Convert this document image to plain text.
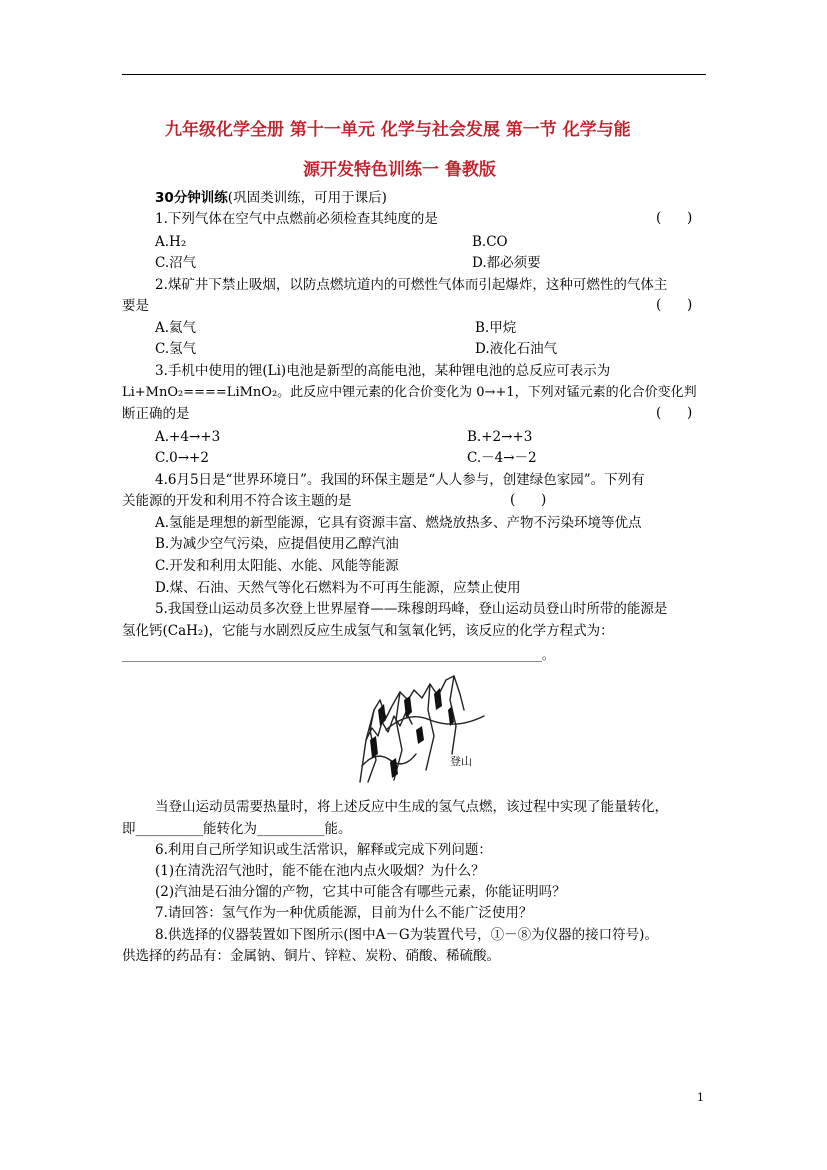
九年级化学全册 第十一单元 化学与社会发展 第一节 化学与能
源开发特色训练一 鲁教版
30分钟训练(巩固类训练，可用于课后)
1.下列气体在空气中点燃前必须检查其纯度的是	(      )
A.H₂	B.CO
C.沼气	D.都必须要
2.煤矿井下禁止吸烟，以防点燃坑道内的可燃性气体而引起爆炸，这种可燃性的气体主
要是	(      )
A.氦气	B.甲烷
C.氢气	D.液化石油气
3.手机中使用的锂(Li)电池是新型的高能电池，某种锂电池的总反应可表示为
Li+MnO₂====LiMnO₂。此反应中锂元素的化合价变化为 0→+1，下列对锰元素的化合价变化判
断正确的是	(      )
A.+4→+3	B.+2→+3
C.0→+2	C.－4→－2
4.6月5日是“世界环境日”。我国的环保主题是“人人参与，创建绿色家园”。下列有
关能源的开发和利用不符合该主题的是	(      )
A.氢能是理想的新型能源，它具有资源丰富、燃烧放热多、产物不污染环境等优点
B.为减少空气污染，应提倡使用乙醇汽油
C.开发和利用太阳能、水能、风能等能源
D.煤、石油、天然气等化石燃料为不可再生能源，应禁止使用
5.我国登山运动员多次登上世界屋脊——珠穆朗玛峰，登山运动员登山时所带的能源是
氢化钙(CaH₂)，它能与水剧烈反应生成氢气和氢氧化钙，该反应的化学方程式为：
______________________________________________________________________。
登山
当登山运动员需要热量时，将上述反应中生成的氢气点燃，该过程中实现了能量转化，
即__________能转化为__________能。
6.利用自己所学知识或生活常识，解释或完成下列问题：
(1)在清洗沼气池时，能不能在池内点火吸烟？为什么？
(2)汽油是石油分馏的产物，它其中可能含有哪些元素，你能证明吗？
7.请回答：氢气作为一种优质能源，目前为什么不能广泛使用？
8.供选择的仪器装置如下图所示(图中A－G为装置代号，①－⑧为仪器的接口符号)。
供选择的药品有：金属钠、铜片、锌粒、炭粉、硝酸、稀硫酸。
1
